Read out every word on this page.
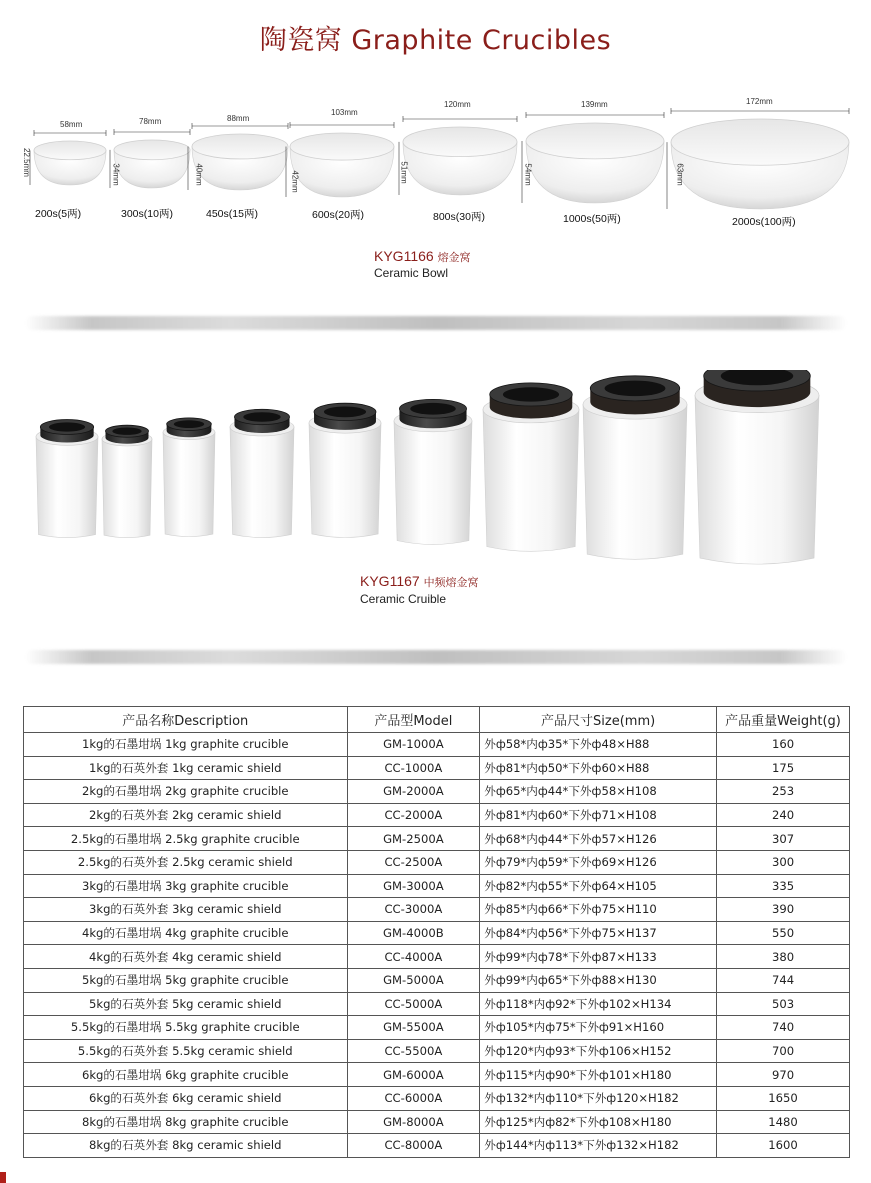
陶瓷窝 Graphite Crucibles
58mm	78mm	88mm
103mm
120mm	139mm	172mm
22.5mm	34mm	40mm	42mm	51mm	54mm	63mm
200s(5两)	300s(10两)	450s(15两)	600s(20两)	800s(30两)	1000s(50两)	2000s(100两)
KYG1166 熔金窝
Ceramic Bowl
KYG1167 中频熔金窝
Ceramic Cruible
产品名称Description	产品型Model	产品尺寸Size(mm)	产品重量Weight(g)
1kg的石墨坩埚 1kg graphite crucible	GM-1000A	外ф58*内ф35*下外ф48×H88	160
1kg的石英外套 1kg ceramic shield	CC-1000A	外ф81*内ф50*下外ф60×H88	175
2kg的石墨坩埚 2kg graphite crucible	GM-2000A	外ф65*内ф44*下外ф58×H108	253
2kg的石英外套 2kg ceramic shield	CC-2000A	外ф81*内ф60*下外ф71×H108	240
2.5kg的石墨坩埚 2.5kg graphite crucible	GM-2500A	外ф68*内ф44*下外ф57×H126	307
2.5kg的石英外套 2.5kg ceramic shield	CC-2500A	外ф79*内ф59*下外ф69×H126	300
3kg的石墨坩埚 3kg graphite crucible	GM-3000A	外ф82*内ф55*下外ф64×H105	335
3kg的石英外套 3kg ceramic shield	CC-3000A	外ф85*内ф66*下外ф75×H110	390
4kg的石墨坩埚 4kg graphite crucible	GM-4000B	外ф84*内ф56*下外ф75×H137	550
4kg的石英外套 4kg ceramic shield	CC-4000A	外ф99*内ф78*下外ф87×H133	380
5kg的石墨坩埚 5kg graphite crucible	GM-5000A	外ф99*内ф65*下外ф88×H130	744
5kg的石英外套 5kg ceramic shield	CC-5000A	外ф118*内ф92*下外ф102×H134	503
5.5kg的石墨坩埚 5.5kg graphite crucible	GM-5500A	外ф105*内ф75*下外ф91×H160	740
5.5kg的石英外套 5.5kg ceramic shield	CC-5500A	外ф120*内ф93*下外ф106×H152	700
6kg的石墨坩埚 6kg graphite crucible	GM-6000A	外ф115*内ф90*下外ф101×H180	970
6kg的石英外套 6kg ceramic shield	CC-6000A	外ф132*内ф110*下外ф120×H182	1650
8kg的石墨坩埚 8kg graphite crucible	GM-8000A	外ф125*内ф82*下外ф108×H180	1480
8kg的石英外套 8kg ceramic shield	CC-8000A	外ф144*内ф113*下外ф132×H182	1600
